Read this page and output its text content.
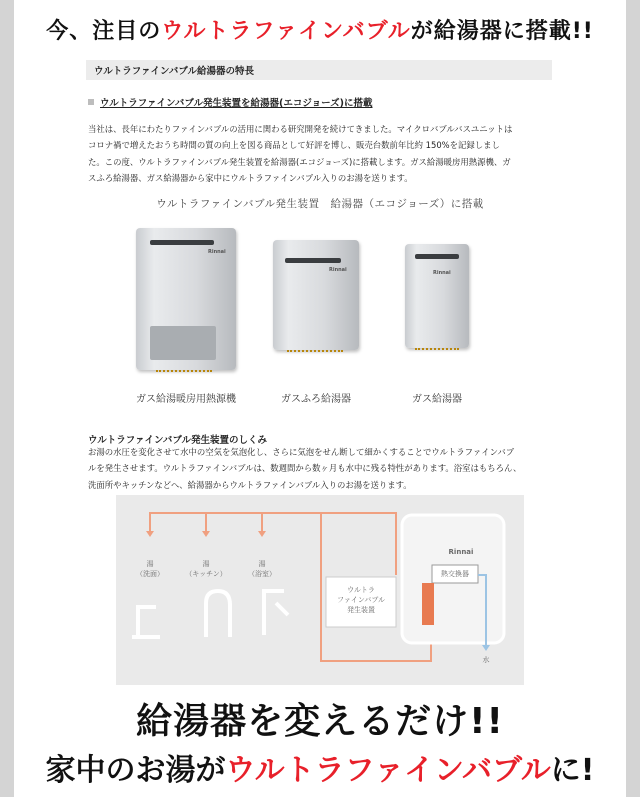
今、注目のウルトラファインバブルが給湯器に搭載!!
ウルトラファインバブル給湯器の特長
ウルトラファインバブル発生装置を給湯器(エコジョーズ)に搭載
当社は、長年にわたりファインバブルの活用に関わる研究開発を続けてきました。マイクロバブルバスユニットは
コロナ禍で増えたおうち時間の質の向上を図る商品として好評を博し、販売台数前年比約 150%を記録しまし
た。この度、ウルトラファインバブル発生装置を給湯器(エコジョーズ)に搭載します。ガス給湯暖房用熱源機、ガ
スふろ給湯器、ガス給湯器から家中にウルトラファインバブル入りのお湯を送ります。
ウルトラファインバブル発生装置　給湯器（エコジョーズ）に搭載
Rinnai
ガス給湯暖房用熱源機
Rinnai
ガスふろ給湯器
Rinnai
ガス給湯器
ウルトラファインバブル発生装置のしくみ
お湯の水圧を変化させて水中の空気を気泡化し、さらに気泡をせん断して細かくすることでウルトラファインバブ
ルを発生させます。ウルトラファインバブルは、数週間から数ヶ月も水中に残る特性があります。浴室はもちろん、
洗面所やキッチンなどへ、給湯器からウルトラファインバブル入りのお湯を送ります。
湯
（洗面）
湯
（キッチン）
湯
（浴室）
ウルトラ
ファインバブル
発生装置
熱交換器
Rinnai
水
給湯器を変えるだけ!!
家中のお湯がウルトラファインバブルに!
